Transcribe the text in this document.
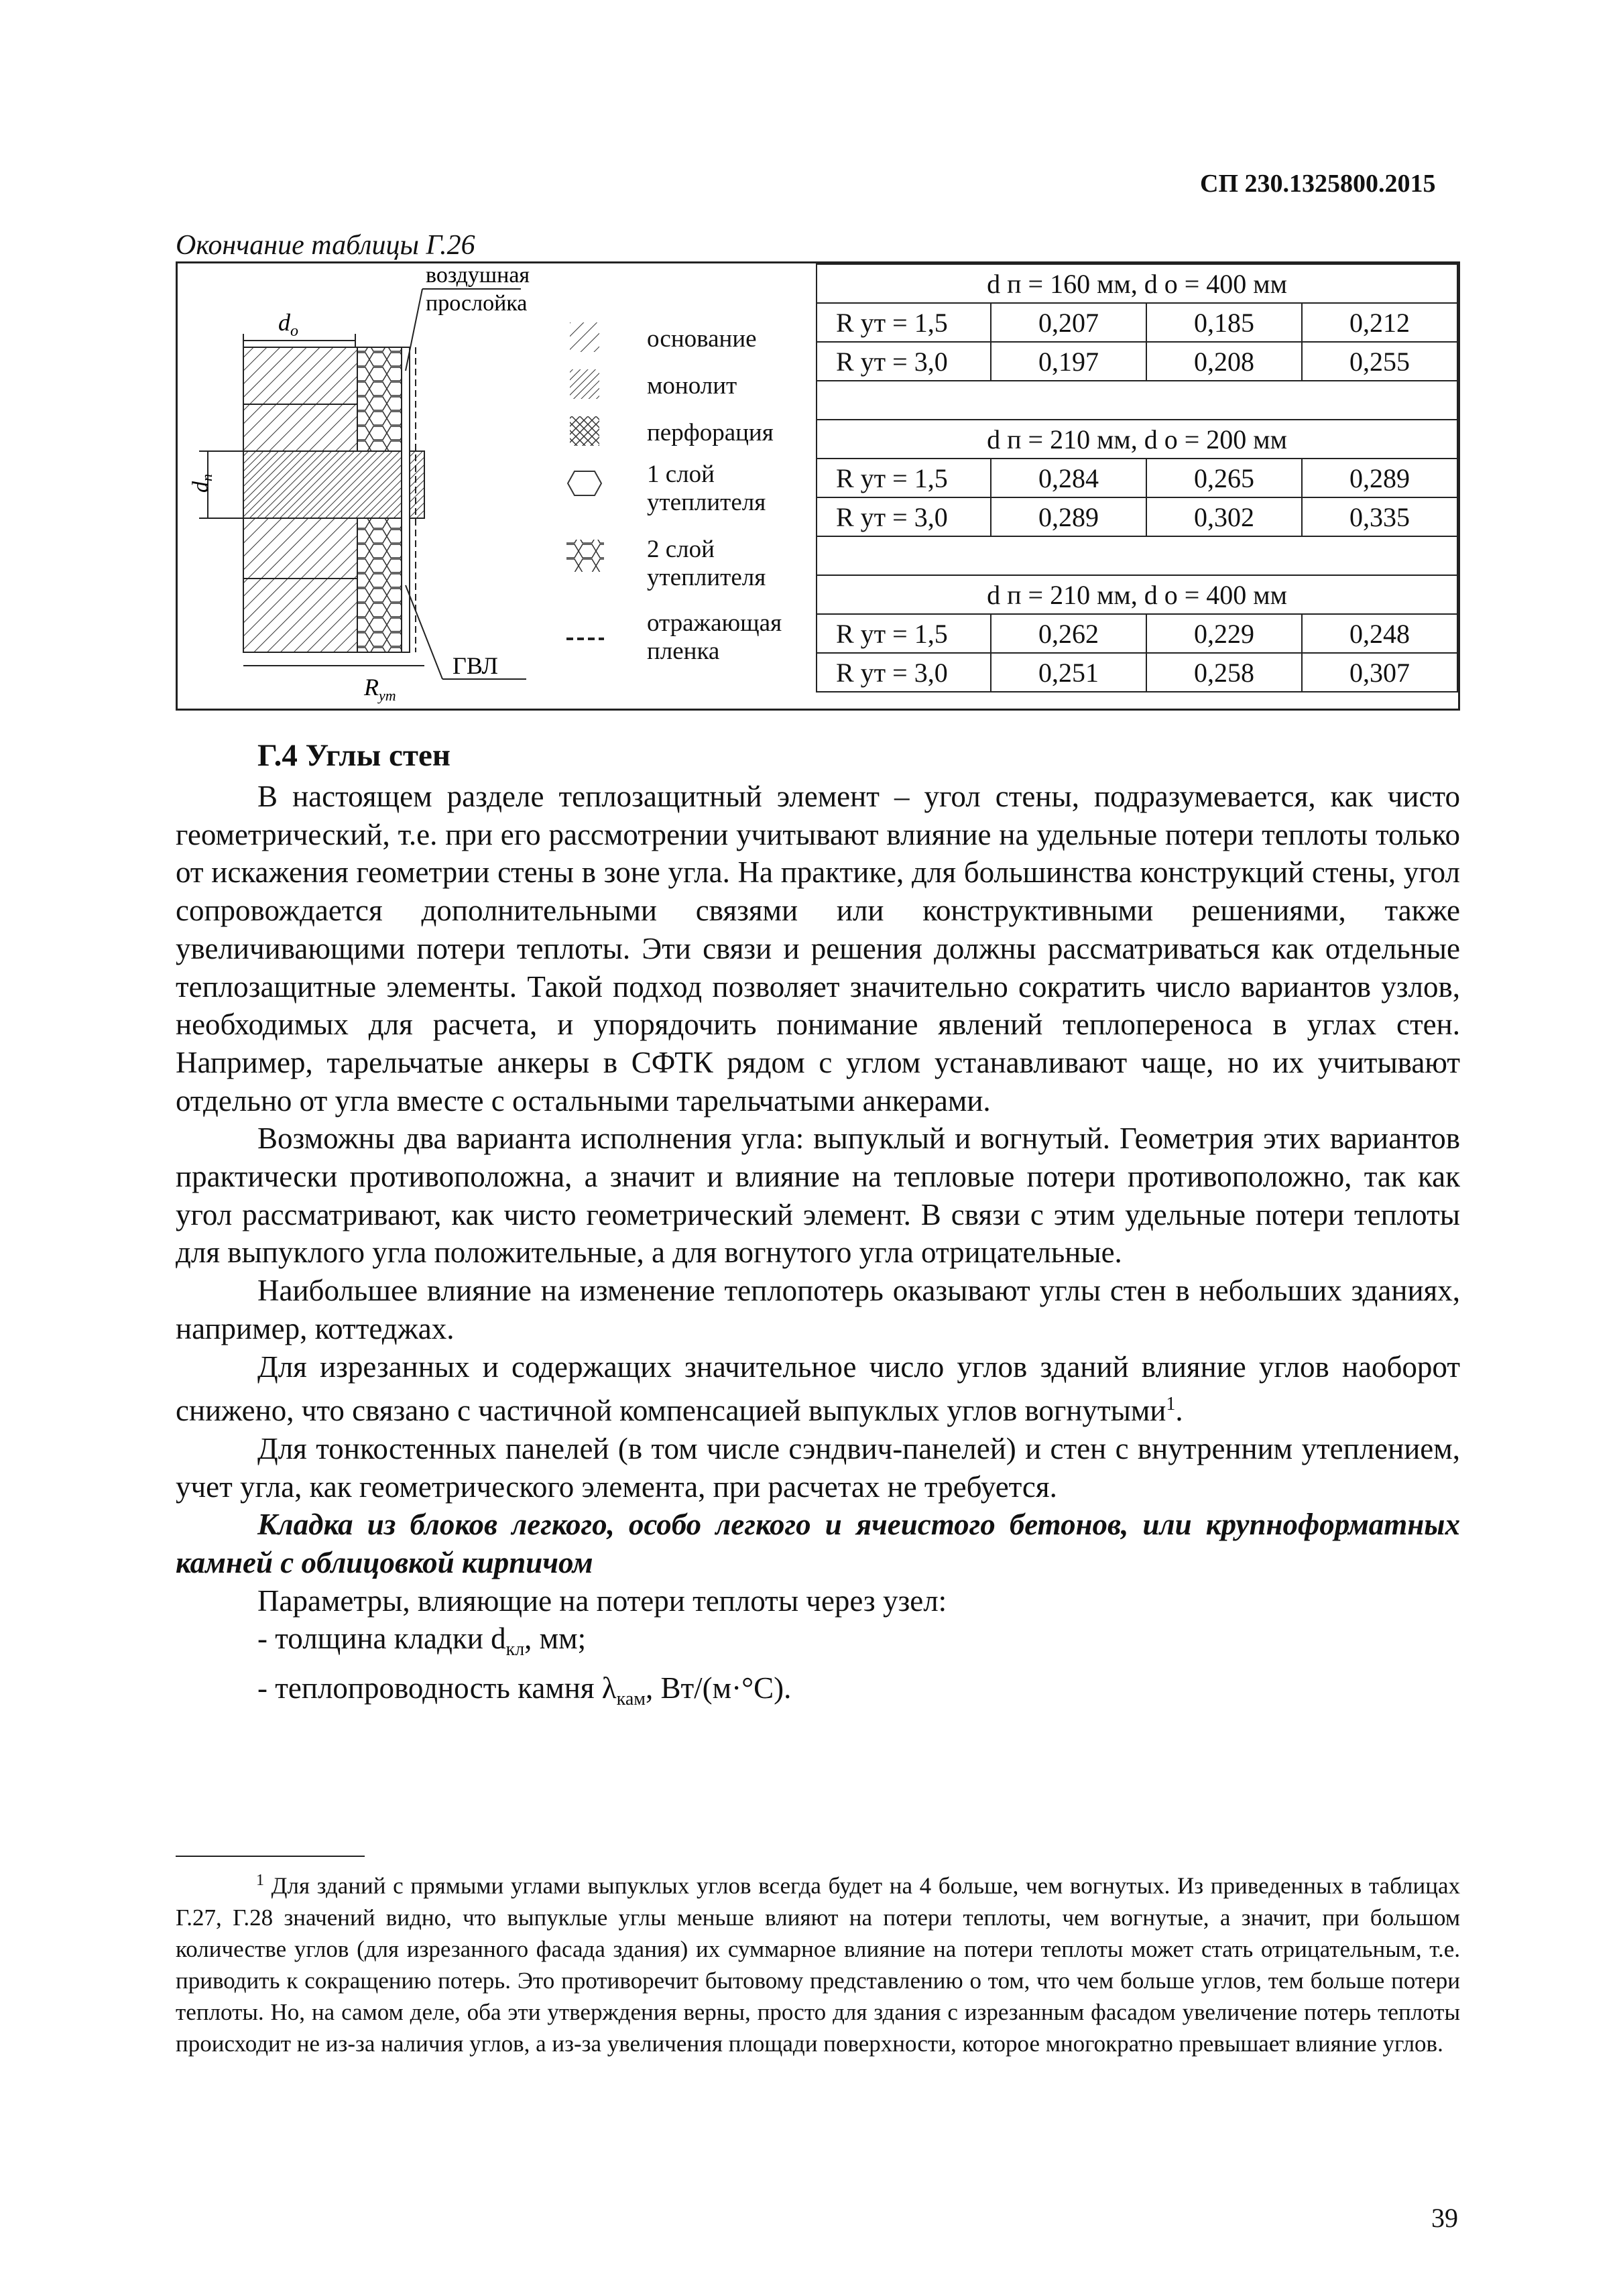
СП 230.1325800.2015
Окончание таблицы Г.26
$d_о$
dп
воздушная
прослойка
$R_{ут}$
ГВЛ
основание
монолит
перфорация
1 слой утеплителя
2 слой утеплителя
отражающая пленка
d п = 160 мм, d о = 400 мм			
R ут = 1,5	0,207	0,185	0,212
R ут = 3,0	0,197	0,208	0,255

d п = 210 мм, d о = 200 мм			
R ут = 1,5	0,284	0,265	0,289
R ут = 3,0	0,289	0,302	0,335

d п = 210 мм, d о = 400 мм			
R ут = 1,5	0,262	0,229	0,248
R ут = 3,0	0,251	0,258	0,307
Г.4 Углы стен

В настоящем разделе теплозащитный элемент – угол стены, подразумевается, как чисто геометрический, т.е. при его рассмотрении учитывают влияние на удельные потери теплоты только от искажения геометрии стены в зоне угла. На практике, для большинства конструкций стены, угол сопровождается дополнительными связями или конструктивными решениями, также увеличивающими потери теплоты. Эти связи и решения должны рассматриваться как отдельные теплозащитные элементы. Такой подход позволяет значительно сократить число вариантов узлов, необходимых для расчета, и упорядочить понимание явлений теплопереноса в углах стен. Например, тарельчатые анкеры в СФТК рядом с углом устанавливают чаще, но их учитывают отдельно от угла вместе с остальными тарельчатыми анкерами.

Возможны два варианта исполнения угла: выпуклый и вогнутый. Геометрия этих вариантов практически противоположна, а значит и влияние на тепловые потери противоположно, так как угол рассматривают, как чисто геометрический элемент. В связи с этим удельные потери теплоты для выпуклого угла положительные, а для вогнутого угла отрицательные.

Наибольшее влияние на изменение теплопотерь оказывают углы стен в небольших зданиях, например, коттеджах.

Для изрезанных и содержащих значительное число углов зданий влияние углов наоборот снижено, что связано с частичной компенсацией выпуклых углов вогнутыми$^1$.

Для тонкостенных панелей (в том числе сэндвич-панелей) и стен с внутренним утеплением, учет угла, как геометрического элемента, при расчетах не требуется.

Кладка из блоков легкого, особо легкого и ячеистого бетонов, или крупноформатных камней с облицовкой кирпичом

Параметры, влияющие на потери теплоты через узел:

- толщина кладки $d_{кл}$, мм;

- теплопроводность камня $\lambda_{кам}$, Вт/(м·°С).

$^1$ Для зданий с прямыми углами выпуклых углов всегда будет на 4 больше, чем вогнутых. Из приведенных в таблицах Г.27, Г.28 значений видно, что выпуклые углы меньше влияют на потери теплоты, чем вогнутые, а значит, при большом количестве углов (для изрезанного фасада здания) их суммарное влияние на потери теплоты может стать отрицательным, т.е. приводить к сокращению потерь. Это противоречит бытовому представлению о том, что чем больше углов, тем больше потери теплоты. Но, на самом деле, оба эти утверждения верны, просто для здания с изрезанным фасадом увеличение потерь теплоты происходит не из-за наличия углов, а из-за увеличения площади поверхности, которое многократно превышает влияние углов.
39
